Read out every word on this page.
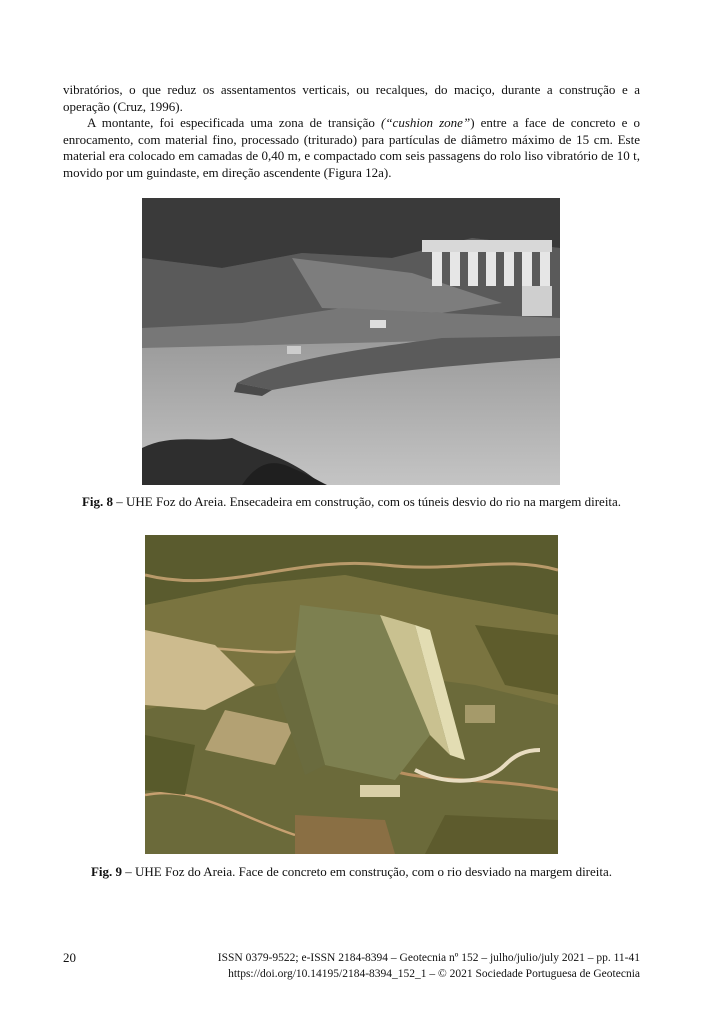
vibratórios, o que reduz os assentamentos verticais, ou recalques, do maciço, durante a construção e a operação (Cruz, 1996).

A montante, foi especificada uma zona de transição (“cushion zone”) entre a face de concreto e o enrocamento, com material fino, processado (triturado) para partículas de diâmetro máximo de 15 cm. Este material era colocado em camadas de 0,40 m, e compactado com seis passagens do rolo liso vibratório de 10 t, movido por um guindaste, em direção ascendente (Figura 12a).

Fig. 8 – UHE Foz do Areia. Ensecadeira em construção, com os túneis desvio do rio na margem direita.
Fig. 9 – UHE Foz do Areia. Face de concreto em construção, com o rio desviado na margem direita.
20	ISSN 0379-9522; e-ISSN 2184-8394 – Geotecnia nº 152 – julho/julio/july 2021 – pp. 11-41
https://doi.org/10.14195/2184-8394_152_1 – © 2021 Sociedade Portuguesa de Geotecnia
